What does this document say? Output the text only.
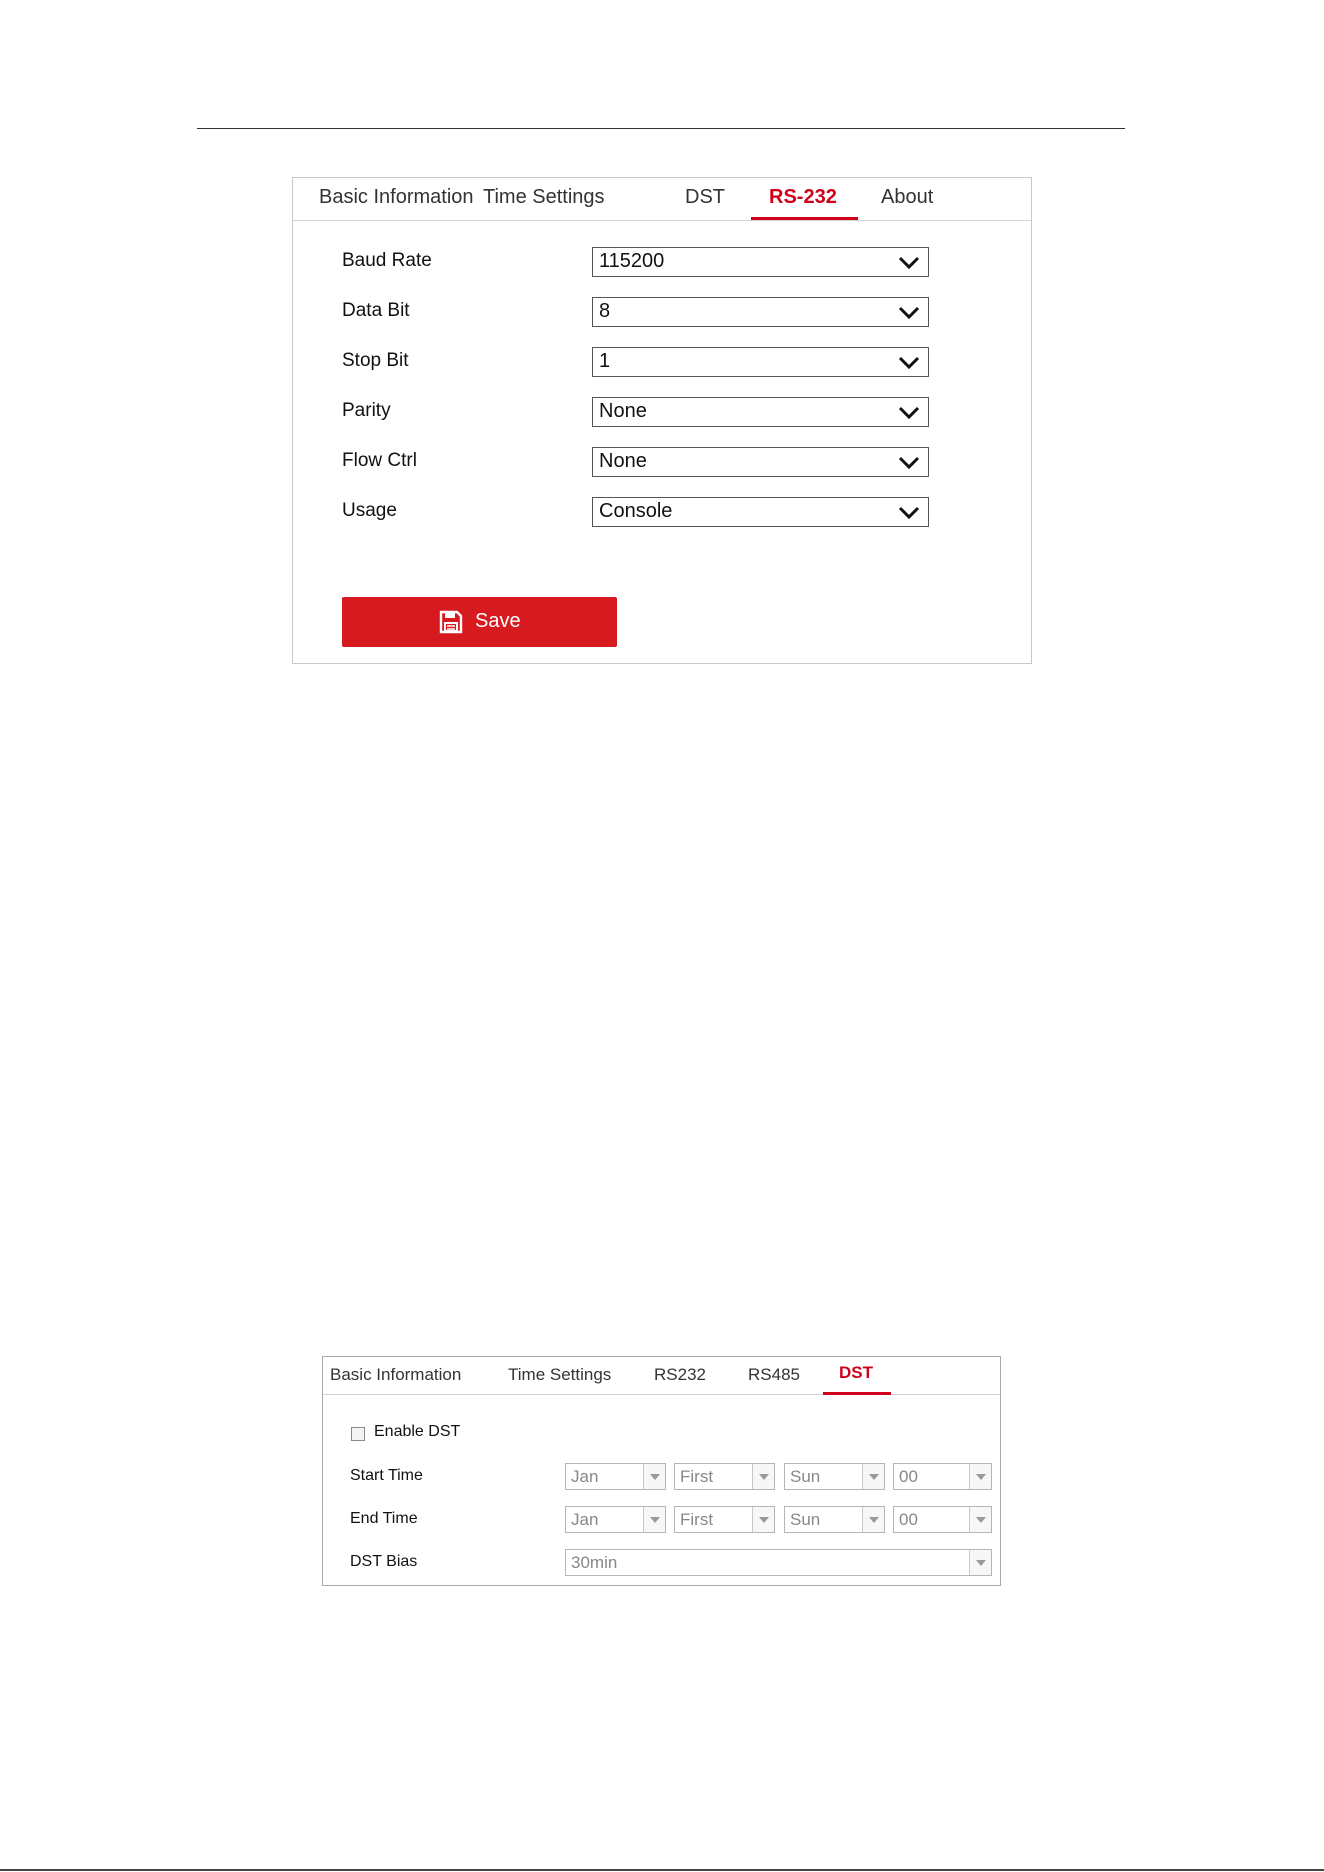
Basic Information Time Settings	DST RS-232 About
Baud Rate	115200
Data Bit	8
Stop Bit	1
Parity	None
Flow Ctrl	None
Usage	Console
Save
Basic Information	Time Settings	RS232 RS485 DST
Enable DST
Start Time	Jan	First	Sun	00
End Time	Jan	First	Sun	00
DST Bias	30min
